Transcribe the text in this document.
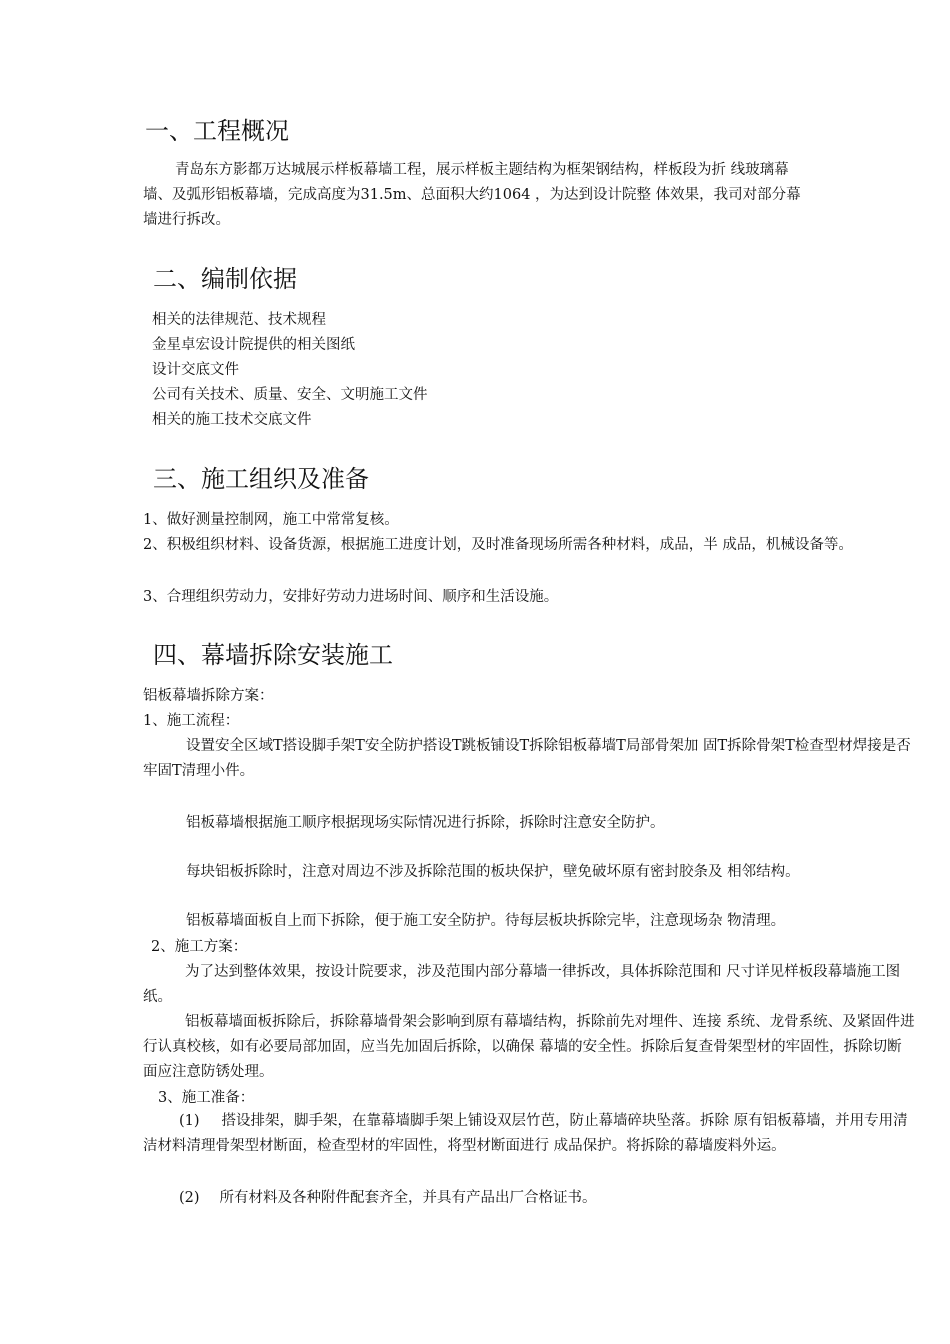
一、工程概况

青岛东方影都万达城展示样板幕墙工程，展示样板主题结构为框架钢结构，样板段为折 线玻璃幕墙、及弧形铝板幕墙，完成高度为31.5m、总面积大约1064 ，为达到设计院整 体效果，我司对部分幕墙进行拆改。

二、编制依据

相关的法律规范、技术规程

金星卓宏设计院提供的相关图纸

设计交底文件

公司有关技术、质量、安全、文明施工文件

相关的施工技术交底文件

三、施工组织及准备

1、做好测量控制网，施工中常常复核。

2、积极组织材料、设备货源，根据施工进度计划，及时准备现场所需各种材料，成品，半 成品，机械设备等。

3、合理组织劳动力，安排好劳动力进场时间、顺序和生活设施。

四、幕墙拆除安装施工

铝板幕墙拆除方案：

1、施工流程：

设置安全区域T搭设脚手架T安全防护搭设T跳板铺设T拆除铝板幕墙T局部骨架加 固T拆除骨架T检查型材焊接是否牢固T清理小件。

铝板幕墙根据施工顺序根据现场实际情况进行拆除，拆除时注意安全防护。

每块铝板拆除时，注意对周边不涉及拆除范围的板块保护，壁免破坏原有密封胶条及 相邻结构。

铝板幕墙面板自上而下拆除，便于施工安全防护。待每层板块拆除完毕，注意现场杂 物清理。

2、施工方案：

为了达到整体效果，按设计院要求，涉及范围内部分幕墙一律拆改，具体拆除范围和 尺寸详见样板段幕墙施工图纸。

铝板幕墙面板拆除后，拆除幕墙骨架会影响到原有幕墙结构，拆除前先对埋件、连接 系统、龙骨系统、及紧固件进行认真校核，如有必要局部加固，应当先加固后拆除，以确保 幕墙的安全性。拆除后复查骨架型材的牢固性，拆除切断面应注意防锈处理。

3、施工准备：

(1) 搭设排架，脚手架，在靠幕墙脚手架上铺设双层竹芭，防止幕墙碎块坠落。拆除 原有铝板幕墙，并用专用清洁材料清理骨架型材断面，检查型材的牢固性，将型材断面进行 成品保护。将拆除的幕墙废料外运。
(2) 所有材料及各种附件配套齐全，并具有产品出厂合格证书。
